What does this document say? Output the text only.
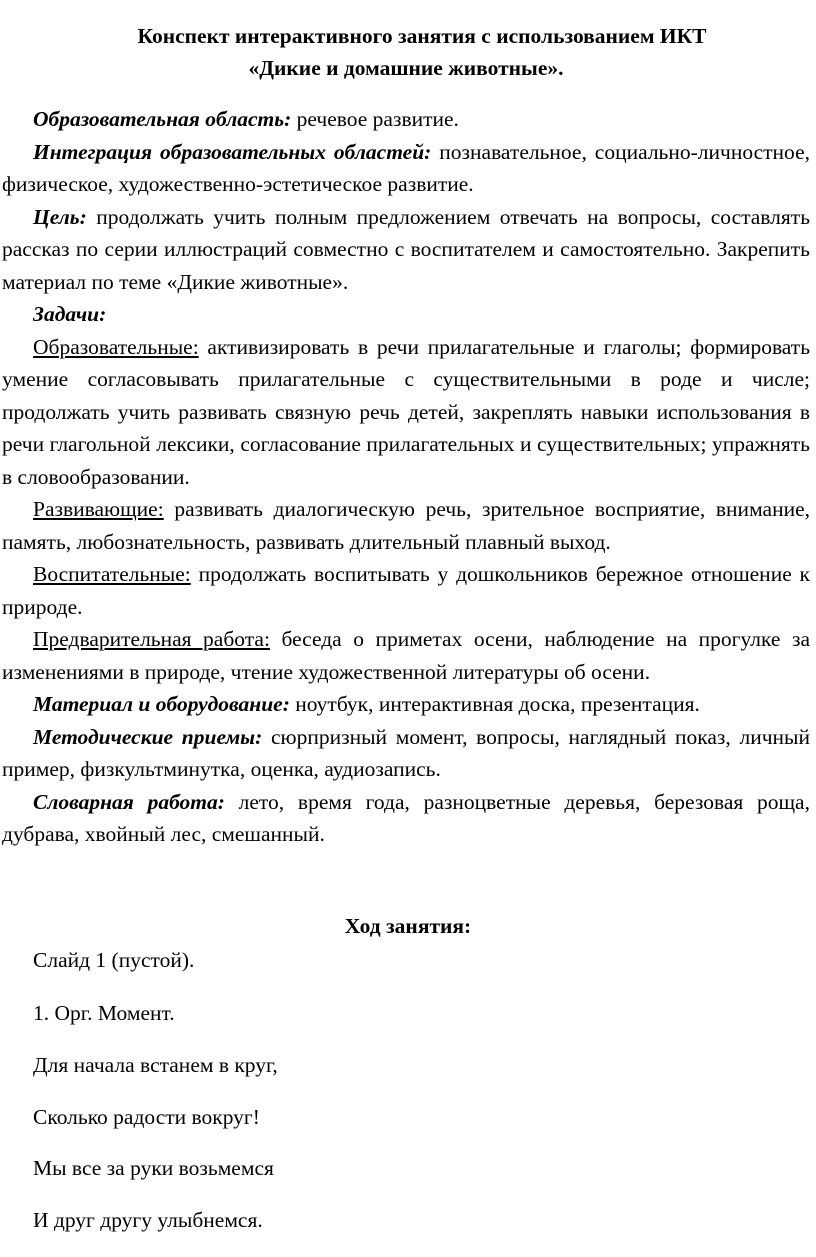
Конспект интерактивного занятия с использованием ИКТ
«Дикие и домашние животные».

Образовательная область: речевое развитие.

Интеграция образовательных областей: познавательное, социально-личностное, физическое, художественно-эстетическое развитие.

Цель: продолжать учить полным предложением отвечать на вопросы, составлять рассказ по серии иллюстраций совместно с воспитателем и самостоятельно. Закрепить материал по теме «Дикие животные».

Задачи:

Образовательные: активизировать в речи прилагательные и глаголы; формировать умение согласовывать прилагательные с существительными в роде и числе; продолжать учить развивать связную речь детей, закреплять навыки использования в речи глагольной лексики, согласование прилагательных и существительных; упражнять в словообразовании.

Развивающие: развивать диалогическую речь, зрительное восприятие, внимание, память, любознательность, развивать длительный плавный выход.

Воспитательные: продолжать воспитывать у дошкольников бережное отношение к природе.

Предварительная работа: беседа о приметах осени, наблюдение на прогулке за изменениями в природе, чтение художественной литературы об осени.

Материал и оборудование: ноутбук, интерактивная доска, презентация.

Методические приемы: сюрпризный момент, вопросы, наглядный показ, личный пример, физкультминутка, оценка, аудиозапись.

Словарная работа: лето, время года, разноцветные деревья, березовая роща, дубрава, хвойный лес, смешанный.

Ход занятия:
Слайд 1 (пустой).
1. Орг. Момент.
Для начала встанем в круг,
Сколько радости вокруг!
Мы все за руки возьмемся
И друг другу улыбнемся.
